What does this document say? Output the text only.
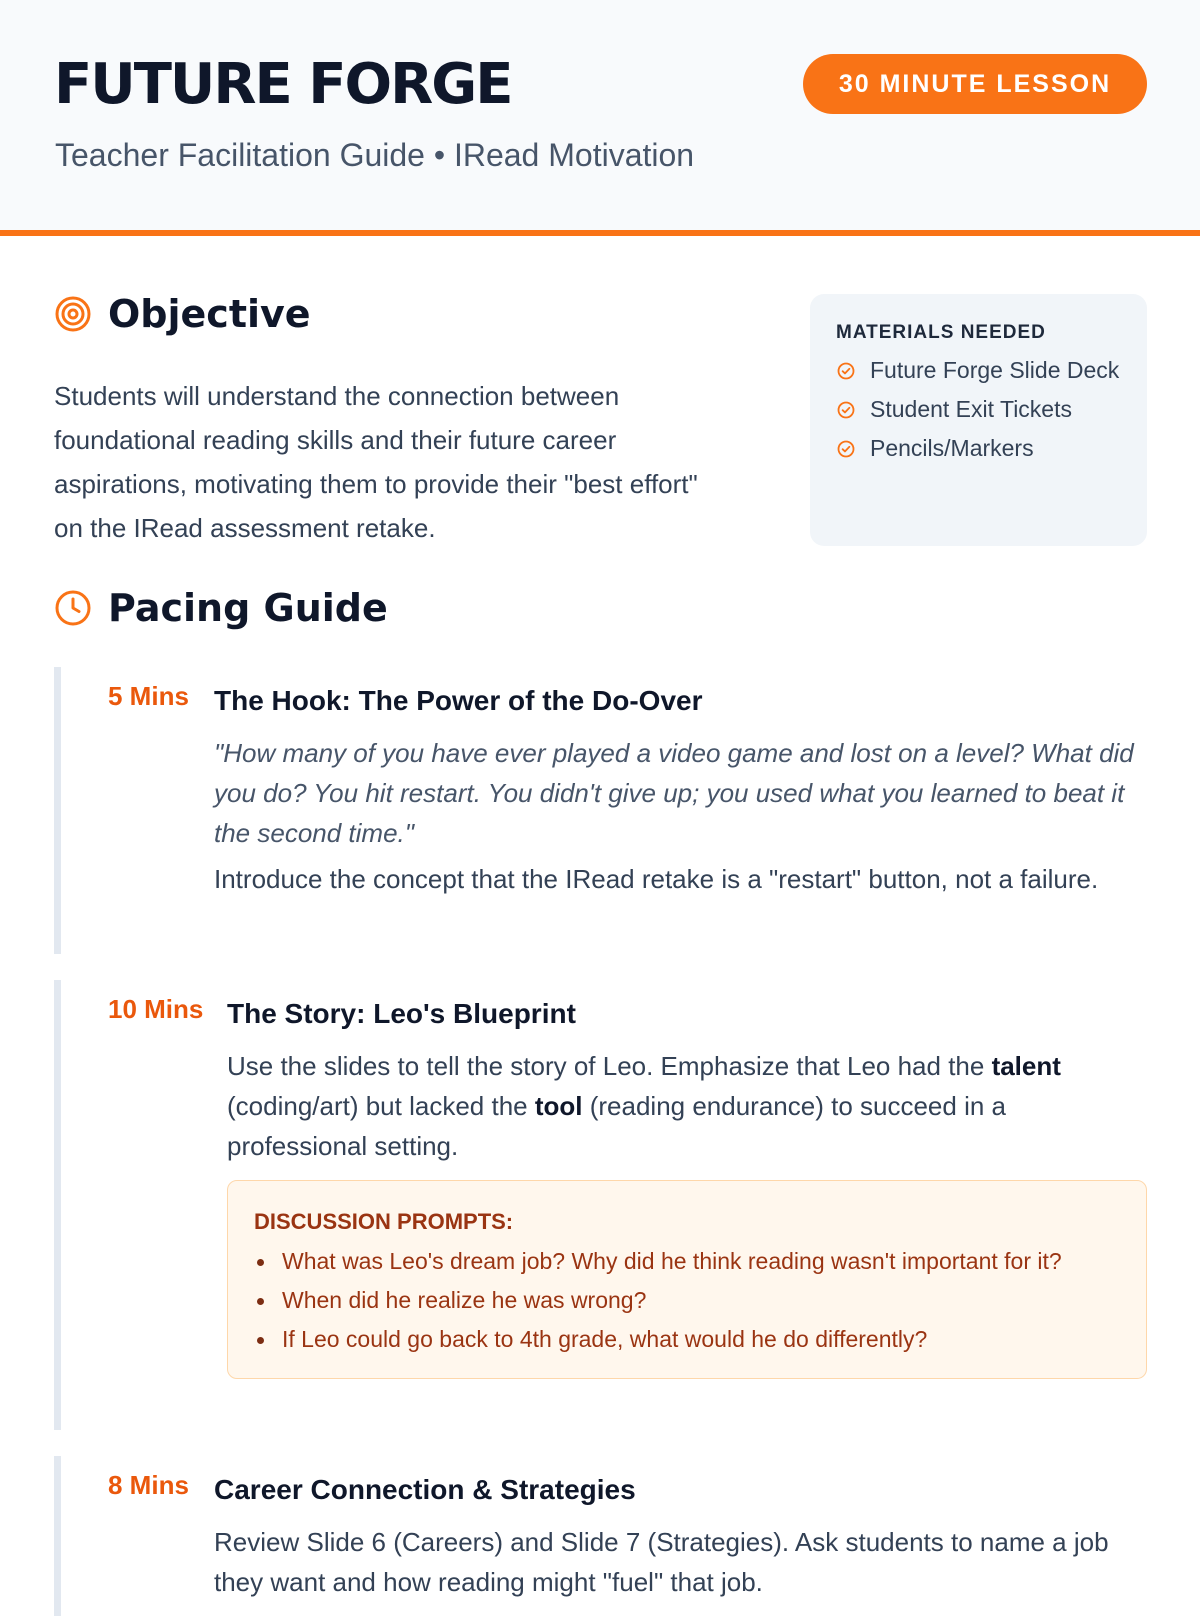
FUTURE FORGE	30 MINUTE LESSON
Teacher Facilitation Guide • IRead Motivation
Objective

Students will understand the connection between foundational reading skills and their future career aspirations, motivating them to provide their "best effort" on the IRead assessment retake.

MATERIALS NEEDED
Future Forge Slide Deck
Student Exit Tickets
Pencils/Markers
Pacing Guide
5 Mins The Hook: The Power of the Do-Over

"How many of you have ever played a video game and lost on a level? What did you do? You hit restart. You didn't give up; you used what you learned to beat it the second time."

Introduce the concept that the IRead retake is a "restart" button, not a failure.

10 Mins The Story: Leo's Blueprint

Use the slides to tell the story of Leo. Emphasize that Leo had the talent (coding/art) but lacked the tool (reading endurance) to succeed in a professional setting.

DISCUSSION PROMPTS:
What was Leo's dream job? Why did he think reading wasn't important for it?
When did he realize he was wrong?
If Leo could go back to 4th grade, what would he do differently?
8 Mins Career Connection & Strategies

Review Slide 6 (Careers) and Slide 7 (Strategies). Ask students to name a job they want and how reading might "fuel" that job.
